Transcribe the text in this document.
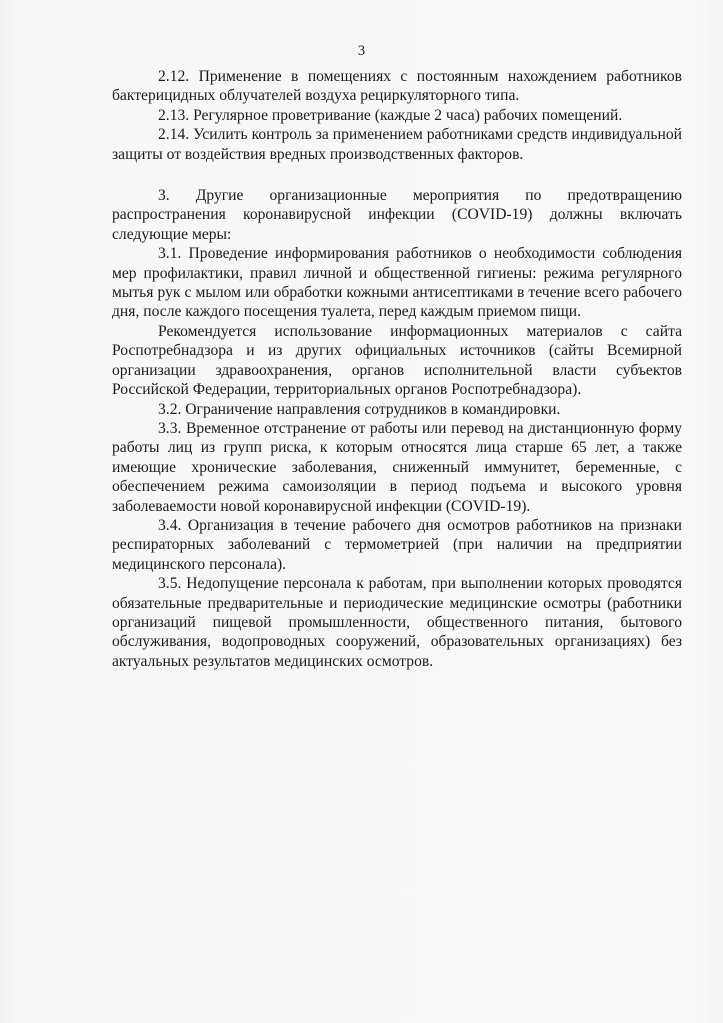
3

2.12. Применение в помещениях с постоянным нахождением работников бактерицидных облучателей воздуха рециркуляторного типа.

2.13. Регулярное проветривание (каждые 2 часа) рабочих помещений.

2.14. Усилить контроль за применением работниками средств индивидуальной защиты от воздействия вредных производственных факторов.

3. Другие организационные мероприятия по предотвращению распространения коронавирусной инфекции (COVID-19) должны включать следующие меры:

3.1. Проведение информирования работников о необходимости соблюдения мер профилактики, правил личной и общественной гигиены: режима регулярного мытья рук с мылом или обработки кожными антисептиками в течение всего рабочего дня, после каждого посещения туалета, перед каждым приемом пищи.

Рекомендуется использование информационных материалов с сайта Роспотребнадзора и из других официальных источников (сайты Всемирной организации здравоохранения, органов исполнительной власти субъектов Российской Федерации, территориальных органов Роспотребнадзора).

3.2. Ограничение направления сотрудников в командировки.

3.3. Временное отстранение от работы или перевод на дистанционную форму работы лиц из групп риска, к которым относятся лица старше 65 лет, а также имеющие хронические заболевания, сниженный иммунитет, беременные, с обеспечением режима самоизоляции в период подъема и высокого уровня заболеваемости новой коронавирусной инфекции (COVID-19).

3.4. Организация в течение рабочего дня осмотров работников на признаки респираторных заболеваний с термометрией (при наличии на предприятии медицинского персонала).

3.5. Недопущение персонала к работам, при выполнении которых проводятся обязательные предварительные и периодические медицинские осмотры (работники организаций пищевой промышленности, общественного питания, бытового обслуживания, водопроводных сооружений, образовательных организациях) без актуальных результатов медицинских осмотров.
